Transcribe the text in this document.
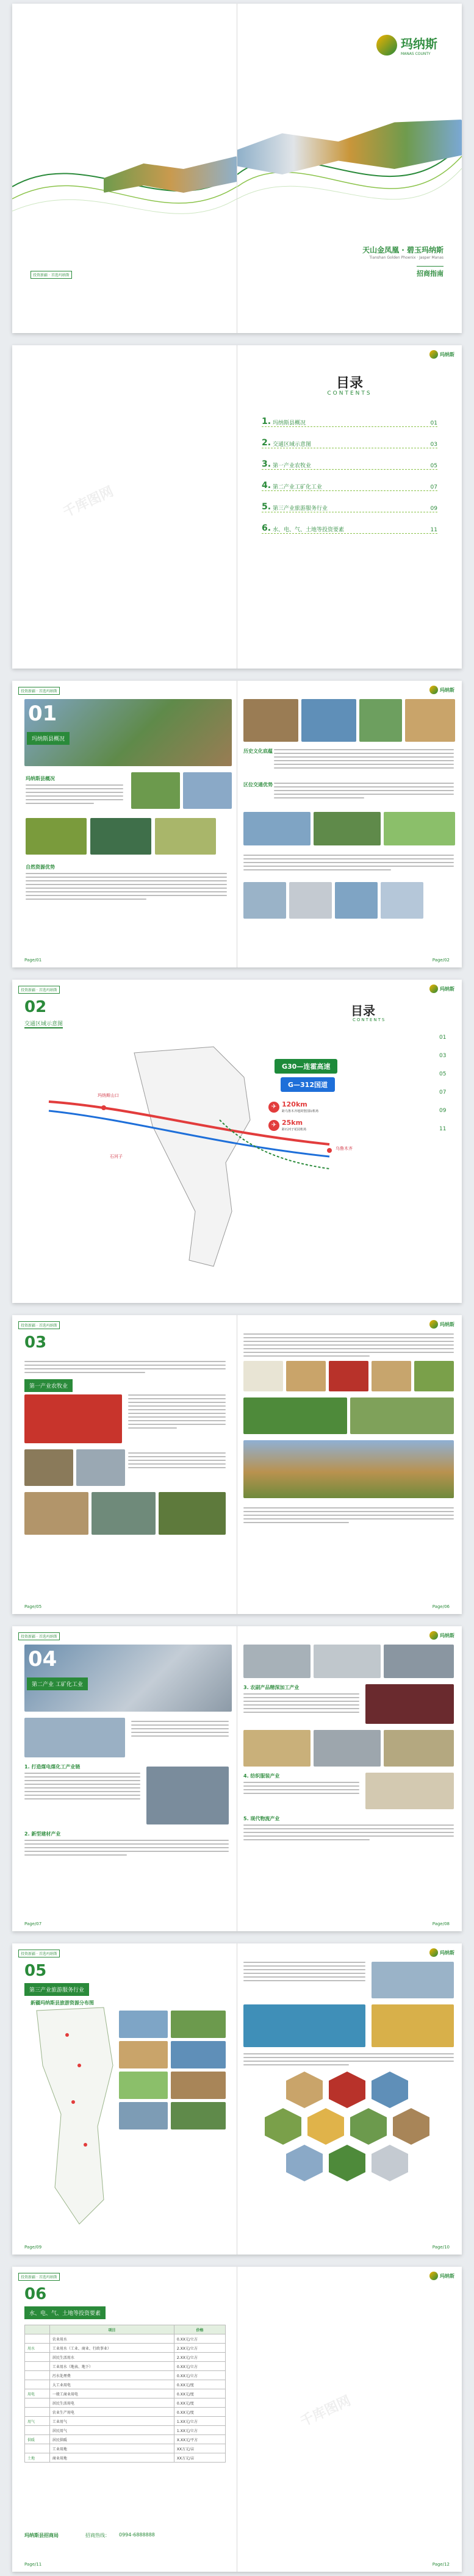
投资新疆 · 首选玛纳斯
玛纳斯
MANAS COUNTY
天山金凤凰 · 碧玉玛纳斯
Tianshan Golden Phoenix · Jasper Manas
招商指南
千库图网
玛纳斯
目录
CONTENTS
1. 玛纳斯县概况	01
2. 交通区域示意图	03
3. 第一产业农牧业	05
4. 第二产业工矿化工业	07
5. 第三产业旅游服务行业	09
6. 水、电、气、土地等投资要素	11
投资新疆 · 首选玛纳斯
01
玛纳斯县概况
玛纳斯县概况
自然资源优势
Page/01
玛纳斯
历史文化底蕴
区位交通优势
Page/02
投资新疆 · 首选玛纳斯	玛纳斯
02
交通区域示意图
玛纳斯山口
石河子
乌鲁木齐
G30—连霍高速
G—312国道
✈ 120km
距乌鲁木齐地窝堡国际机场
✈ 25km
距石河子花园机场
目录
CONTENTS
01
03
05
07
09
11
投资新疆 · 首选玛纳斯
03
第一产业农牧业
Page/05
玛纳斯
Page/06
投资新疆 · 首选玛纳斯
04
第二产业 工矿化工业
1. 打造煤电煤化工产业链
2. 新型建材产业
Page/07
玛纳斯
3. 农副产品精深加工产业
4. 纺织服装产业
5. 现代物流产业
Page/08
投资新疆 · 首选玛纳斯
05
第三产业旅游服务行业
新疆玛纳斯县旅游资源分布图
Page/09
玛纳斯
Page/10
投资新疆 · 首选玛纳斯
06
水、电、气、土地等投资要素
	项目	价格
	农业用水	0.XX元/立方
用水	工业用水（工业、商业、行政事业）	2.XX元/立方
	居民生活用水	2.XX元/立方
	工业用水（地表、地下）	0.XX元/立方
	污水处理费	0.XX元/立方
	大工业用电	0.XX元/度
用电	一般工商业用电	0.XX元/度
	居民生活用电	0.XX元/度
	农业生产用电	0.XX元/度
用气	工业用气	1.XX元/立方
	居民用气	1.XX元/立方
供暖	居民供暖	X.XX元/平方
	工业用地	XX万元/亩
土地	商业用地	XX万元/亩
玛纳斯县招商局	招商热线： 0994-6888888
Page/11
玛纳斯
千库图网
Page/12
